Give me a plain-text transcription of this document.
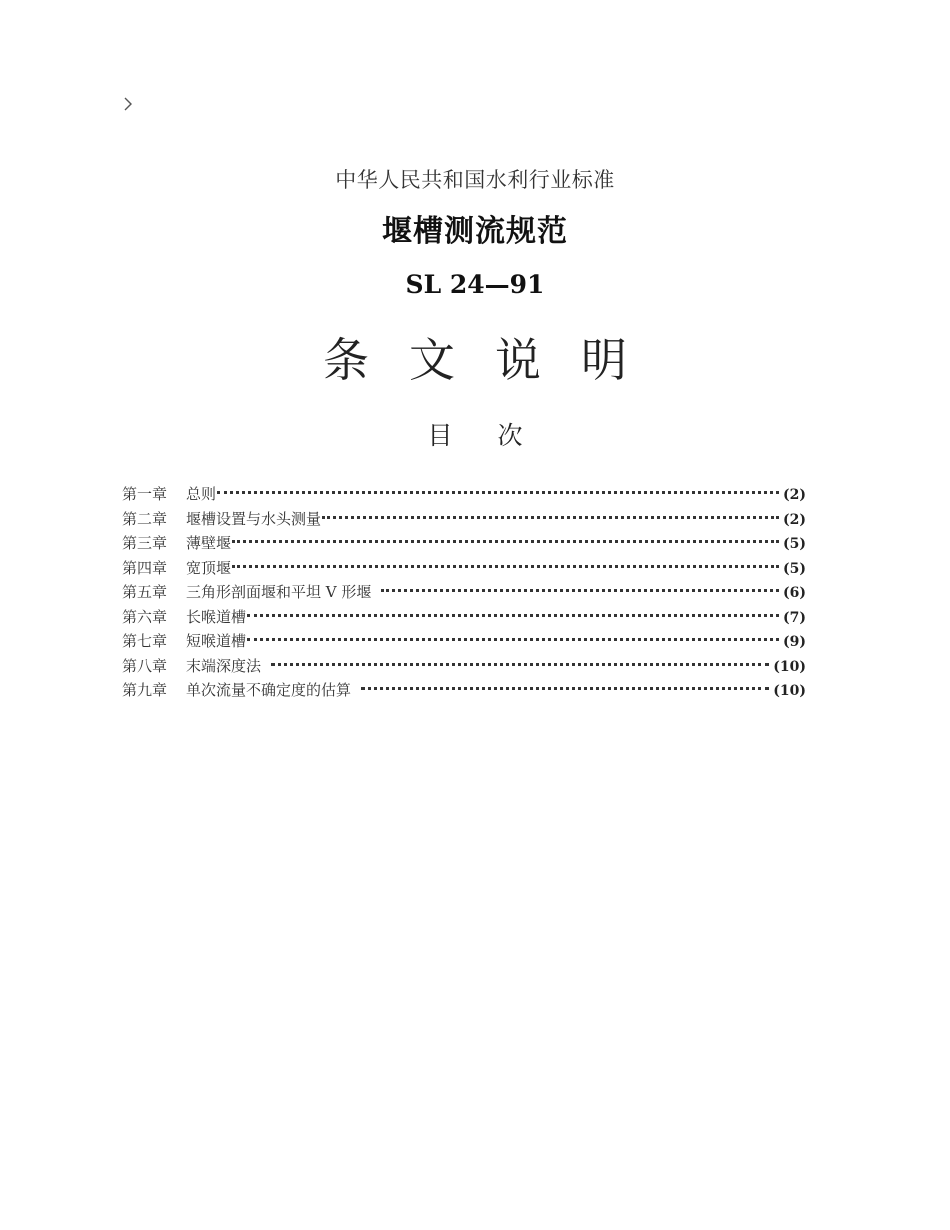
中华人民共和国水利行业标准
堰槽测流规范
SL 24—91
条文说明
目次
第一章	总则	(2)
第二章	堰槽设置与水头测量	(2)
第三章	薄壁堰	(5)
第四章	宽顶堰	(5)
第五章	三角形剖面堰和平坦 V 形堰	(6)
第六章	长喉道槽	(7)
第七章	短喉道槽	(9)
第八章	末端深度法	(10)
第九章	单次流量不确定度的估算	(10)
